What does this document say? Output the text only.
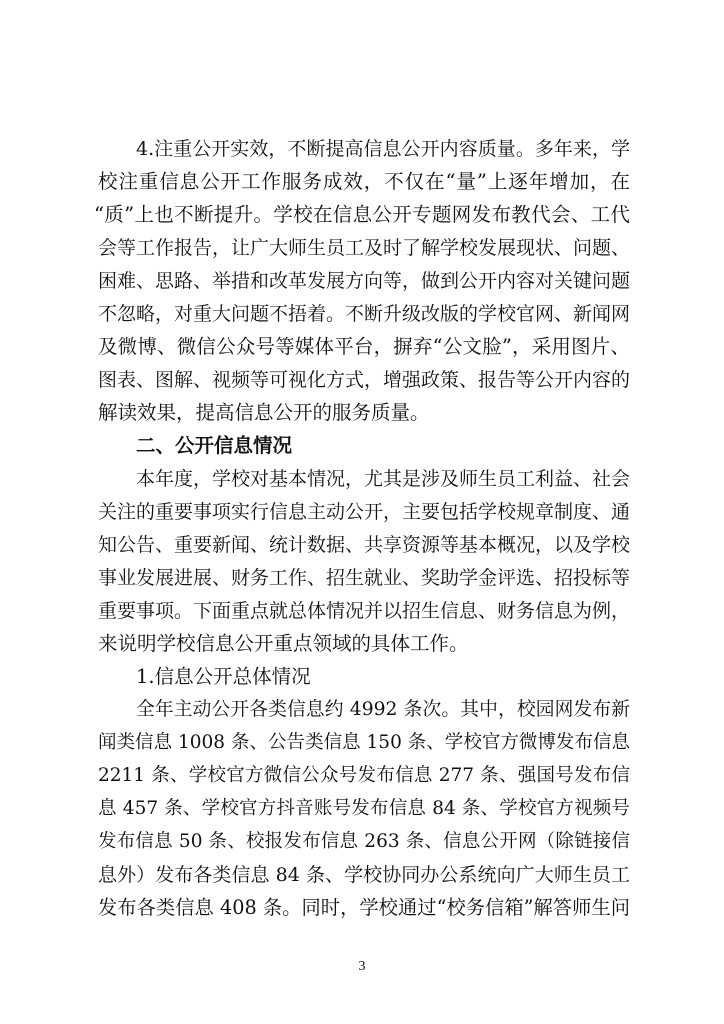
4.注重公开实效，不断提高信息公开内容质量。多年来，学
校注重信息公开工作服务成效，不仅在“量”上逐年增加，在
“质”上也不断提升。学校在信息公开专题网发布教代会、工代
会等工作报告，让广大师生员工及时了解学校发展现状、问题、
困难、思路、举措和改革发展方向等，做到公开内容对关键问题
不忽略，对重大问题不捂着。不断升级改版的学校官网、新闻网
及微博、微信公众号等媒体平台，摒弃“公文脸”，采用图片、
图表、图解、视频等可视化方式，增强政策、报告等公开内容的
解读效果，提高信息公开的服务质量。
二、公开信息情况
本年度，学校对基本情况，尤其是涉及师生员工利益、社会
关注的重要事项实行信息主动公开，主要包括学校规章制度、通
知公告、重要新闻、统计数据、共享资源等基本概况，以及学校
事业发展进展、财务工作、招生就业、奖助学金评选、招投标等
重要事项。下面重点就总体情况并以招生信息、财务信息为例，
来说明学校信息公开重点领域的具体工作。
1.信息公开总体情况
全年主动公开各类信息约 4992 条次。其中，校园网发布新
闻类信息 1008 条、公告类信息 150 条、学校官方微博发布信息
2211 条、学校官方微信公众号发布信息 277 条、强国号发布信
息 457 条、学校官方抖音账号发布信息 84 条、学校官方视频号
发布信息 50 条、校报发布信息 263 条、信息公开网（除链接信
息外）发布各类信息 84 条、学校协同办公系统向广大师生员工
发布各类信息 408 条。同时，学校通过“校务信箱”解答师生问
3
